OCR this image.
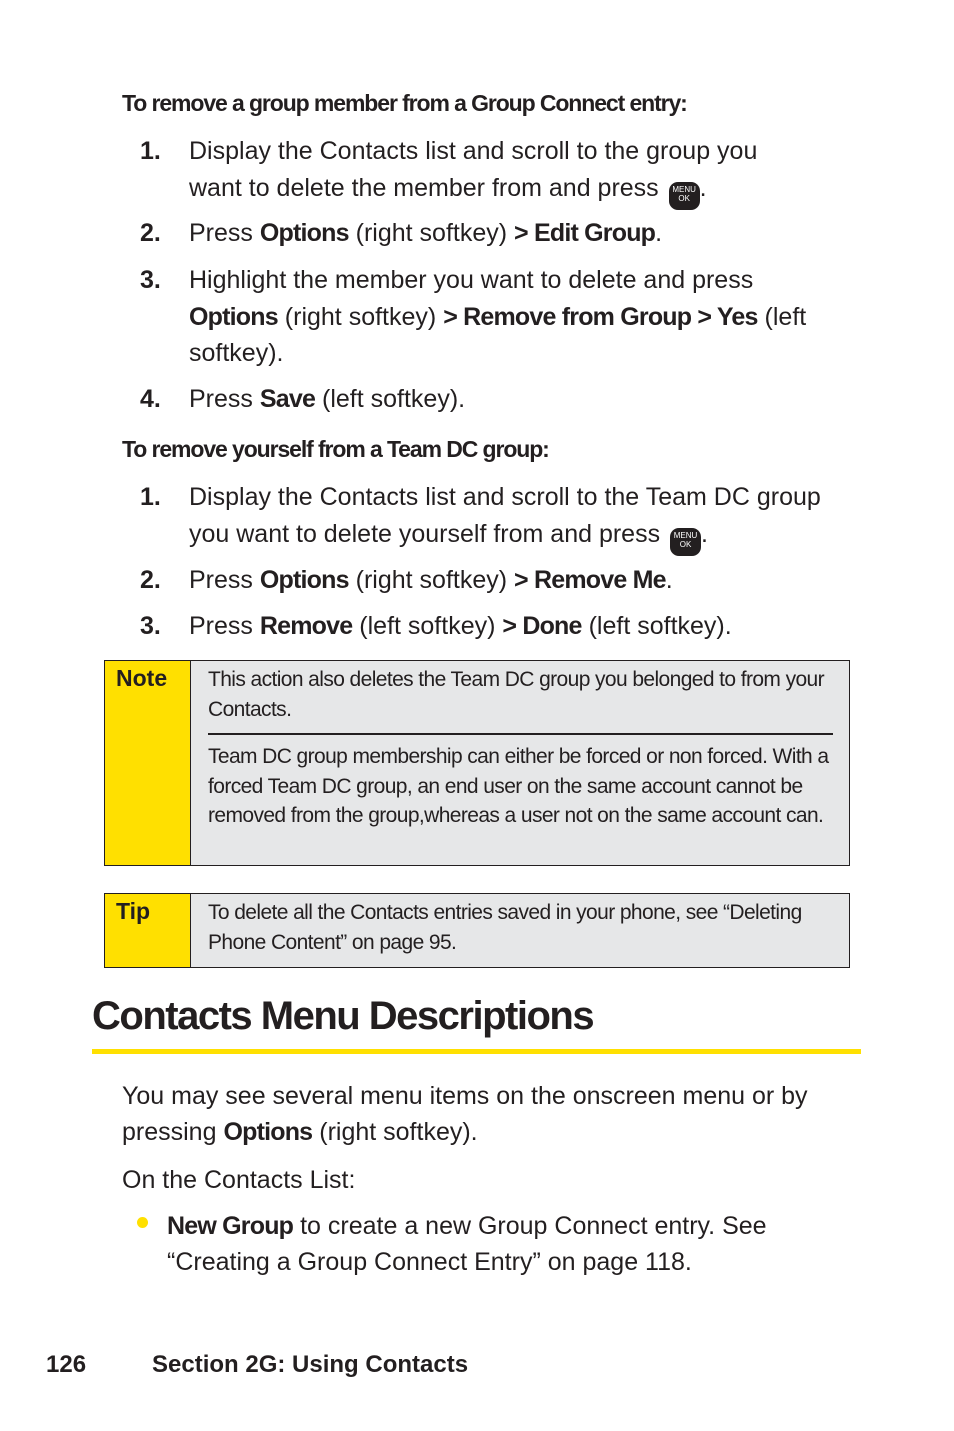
To remove a group member from a Group Connect entry:
1. Display the Contacts list and scroll to the group you
want to delete the member from and press MENU
OK .
2. Press Options (right softkey) > Edit Group.
3. Highlight the member you want to delete and press
Options (right softkey) > Remove from Group > Yes (left
softkey).
4. Press Save (left softkey).
To remove yourself from a Team DC group:
1. Display the Contacts list and scroll to the Team DC group
you want to delete yourself from and press MENU
OK .
2. Press Options (right softkey) > Remove Me.
3. Press Remove (left softkey) > Done (left softkey).
Note	This action also deletes the Team DC group you belonged to from your Contacts.
Team DC group membership can either be forced or non forced. With a forced Team DC group, an end user on the same account cannot be removed from the group,whereas a user not on the same account can.
Tip	To delete all the Contacts entries saved in your phone, see “Deleting Phone Content” on page 95.
Contacts Menu Descriptions
You may see several menu items on the onscreen menu or by pressing Options (right softkey).
On the Contacts List:
New Group to create a new Group Connect entry. See “Creating a Group Connect Entry” on page 118.
126	Section 2G: Using Contacts
